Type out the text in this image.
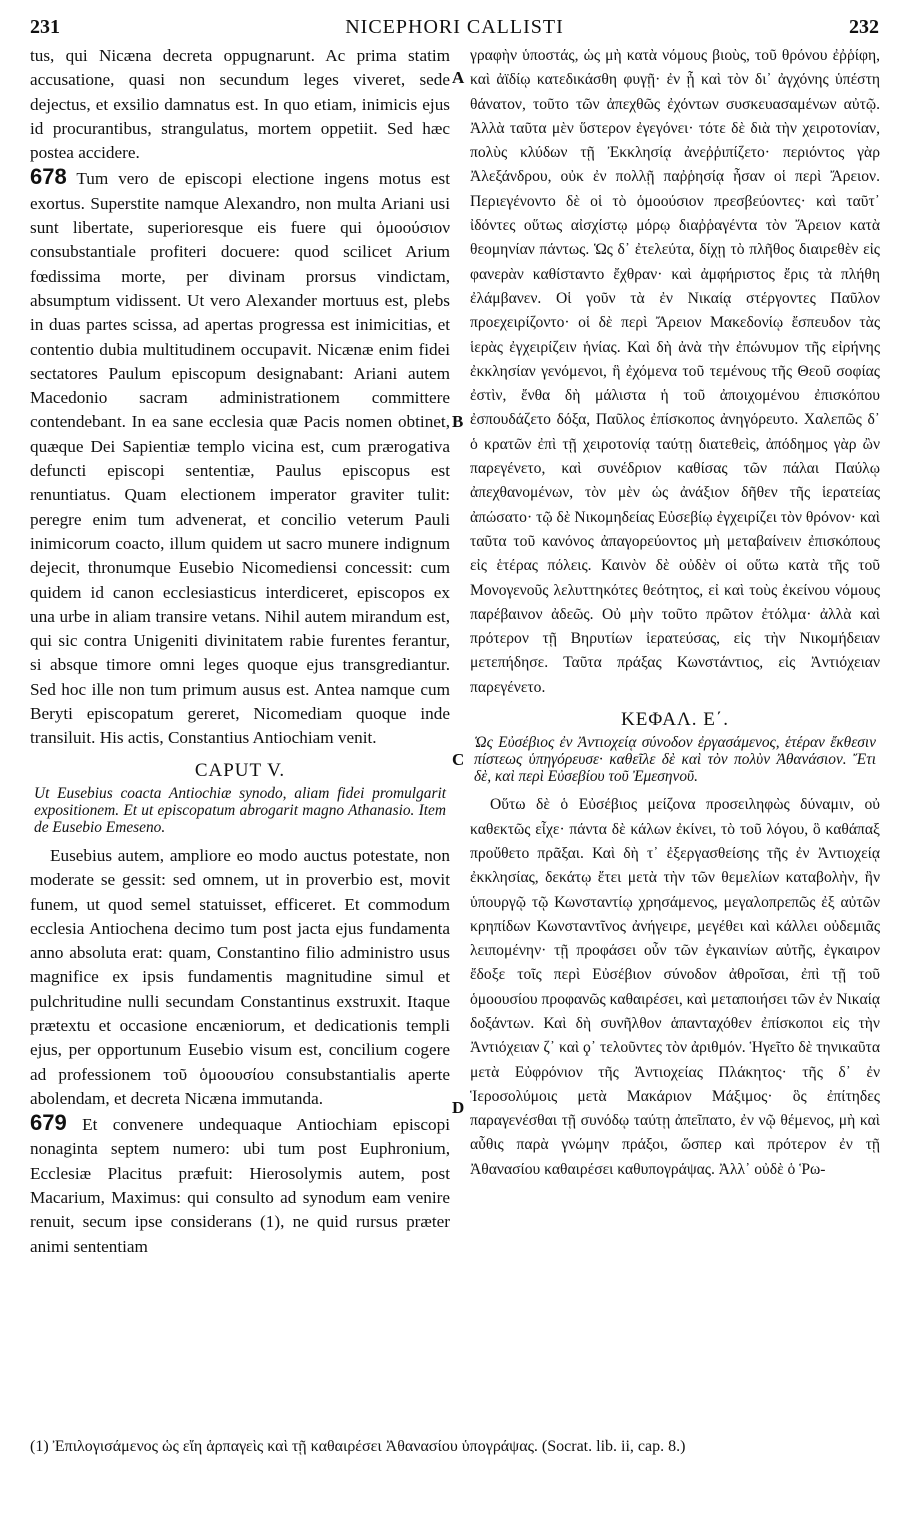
231	NICEPHORI CALLISTI	232
A
B
C
D

tus, qui Nicæna decreta oppugnarunt. Ac prima statim accusatione, quasi non secundum leges viveret, sede dejectus, et exsilio damnatus est. In quo etiam, inimicis ejus id procurantibus, strangulatus, mortem oppetiit. Sed hæc postea accidere.

678 Tum vero de episcopi electione ingens motus est exortus. Superstite namque Alexandro, non multa Ariani usi sunt libertate, superioresque eis fuere qui ὁμοούσιον consubstantiale profiteri docuere: quod scilicet Arium fœdissima morte, per divinam prorsus vindictam, absumptum vidissent. Ut vero Alexander mortuus est, plebs in duas partes scissa, ad apertas progressa est inimicitias, et contentio dubia multitudinem occupavit. Nicænæ enim fidei sectatores Paulum episcopum designabant: Ariani autem Macedonio sacram administrationem committere contendebant. In ea sane ecclesia quæ Pacis nomen obtinet, quæque Dei Sapientiæ templo vicina est, cum prærogativa defuncti episcopi sententiæ, Paulus episcopus est renuntiatus. Quam electionem imperator graviter tulit: peregre enim tum advenerat, et concilio veterum Pauli inimicorum coacto, illum quidem ut sacro munere indignum dejecit, thronumque Eusebio Nicomediensi concessit: cum quidem id canon ecclesiasticus interdiceret, episcopos ex una urbe in aliam transire vetans. Nihil autem mirandum est, qui sic contra Unigeniti divinitatem rabie furentes ferantur, si absque timore omni leges quoque ejus transgrediantur. Sed hoc ille non tum primum ausus est. Antea namque cum Beryti episcopatum gereret, Nicomediam quoque inde transiluit. His actis, Constantius Antiochiam venit.

CAPUT V.

Ut Eusebius coacta Antiochiæ synodo, aliam fidei promulgarit expositionem. Et ut episcopatum abrogarit magno Athanasio. Item de Eusebio Emeseno.

Eusebius autem, ampliore eo modo auctus potestate, non moderate se gessit: sed omnem, ut in proverbio est, movit funem, ut quod semel statuisset, efficeret. Et commodum ecclesia Antiochena decimo tum post jacta ejus fundamenta anno absoluta erat: quam, Constantino filio administro usus magnifice ex ipsis fundamentis magnitudine simul et pulchritudine nulli secundam Constantinus exstruxit. Itaque prætextu et occasione encæniorum, et dedicationis templi ejus, per opportunum Eusebio visum est, concilium cogere ad professionem τοῦ ὁμοουσίου consubstantialis aperte abolendam, et decreta Nicæna immutanda.

679 Et convenere undequaque Antiochiam episcopi nonaginta septem numero: ubi tum post Euphronium, Ecclesiæ Placitus præfuit: Hierosolymis autem, post Macarium, Maximus: qui consulto ad synodum eam venire renuit, secum ipse considerans (1), ne quid rursus præter animi sententiam

γραφὴν ὑποστάς, ὡς μὴ κατὰ νόμους βιοὺς, τοῦ θρόνου ἐῤῥίφη, καὶ ἀϊδίῳ κατεδικάσθη φυγῇ· ἐν ᾗ καὶ τὸν δι᾽ ἀγχόνης ὑπέστη θάνατον, τοῦτο τῶν ἀπεχθῶς ἐχόντων συσκευασαμένων αὐτῷ. Ἀλλὰ ταῦτα μὲν ὕστερον ἐγεγόνει· τότε δὲ διὰ τὴν χειροτονίαν, πολὺς κλύδων τῇ Ἐκκλησίᾳ ἀνεῤῥιπίζετο· περιόντος γὰρ Ἀλεξάνδρου, οὐκ ἐν πολλῇ παῤῥησίᾳ ἦσαν οἱ περὶ Ἄρειον. Περιεγένοντο δὲ οἱ τὸ ὁμοούσιον πρεσβεύοντες· καὶ ταῦτ᾽ ἰδόντες οὕτως αἰσχίστῳ μόρῳ διαῤῥαγέντα τὸν Ἄρειον κατὰ θεομηνίαν πάντως. Ὡς δ᾽ ἐτελεύτα, δίχῃ τὸ πλῆθος διαιρεθὲν εἰς φανερὰν καθίσταντο ἔχθραν· καὶ ἀμφήριστος ἔρις τὰ πλήθη ἐλάμβανεν. Οἱ γοῦν τὰ ἐν Νικαίᾳ στέργοντες Παῦλον προεχειρίζοντο· οἱ δὲ περὶ Ἄρειον Μακεδονίῳ ἔσπευδον τὰς ἱερὰς ἐγχειρίζειν ἡνίας. Καὶ δὴ ἀνὰ τὴν ἐπώνυμον τῆς εἰρήνης ἐκκλησίαν γενόμενοι, ἣ ἐχόμενα τοῦ τεμένους τῆς Θεοῦ σοφίας ἐστὶν, ἔνθα δὴ μάλιστα ἡ τοῦ ἀποιχομένου ἐπισκόπου ἐσπουδάζετο δόξα, Παῦλος ἐπίσκοπος ἀνηγόρευτο. Χαλεπῶς δ᾽ ὁ κρατῶν ἐπὶ τῇ χειροτονίᾳ ταύτῃ διατεθεὶς, ἀπόδημος γὰρ ὢν παρεγένετο, καὶ συνέδριον καθίσας τῶν πάλαι Παύλῳ ἀπεχθανομένων, τὸν μὲν ὡς ἀνάξιον δῆθεν τῆς ἱερατείας ἀπώσατο· τῷ δὲ Νικομηδείας Εὐσεβίῳ ἐγχειρίζει τὸν θρόνον· καὶ ταῦτα τοῦ κανόνος ἀπαγορεύοντος μὴ μεταβαίνειν ἐπισκόπους εἰς ἑτέρας πόλεις. Καινὸν δὲ οὐδὲν οἱ οὕτω κατὰ τῆς τοῦ Μονογενοῦς λελυττηκότες θεότητος, εἰ καὶ τοὺς ἐκείνου νόμους παρέβαινον ἀδεῶς. Οὐ μὴν τοῦτο πρῶτον ἐτόλμα· ἀλλὰ καὶ πρότερον τῇ Βηρυτίων ἱερατεύσας, εἰς τὴν Νικομήδειαν μετεπήδησε. Ταῦτα πράξας Κωνστάντιος, εἰς Ἀντιόχειαν παρεγένετο.

ΚΕΦΑΛ. Ε΄.

Ὡς Εὐσέβιος ἐν Ἀντιοχείᾳ σύνοδον ἐργασάμενος, ἑτέραν ἔκθεσιν πίστεως ὑπηγόρευσε· καθεῖλε δὲ καὶ τὸν πολὺν Ἀθανάσιον. Ἔτι δὲ, καὶ περὶ Εὐσεβίου τοῦ Ἐμεσηνοῦ.

Οὕτω δὲ ὁ Εὐσέβιος μείζονα προσειληφὼς δύναμιν, οὐ καθεκτῶς εἶχε· πάντα δὲ κάλων ἐκίνει, τὸ τοῦ λόγου, ὃ καθάπαξ προὔθετο πρᾶξαι. Καὶ δὴ τ᾽ ἐξεργασθείσης τῆς ἐν Ἀντιοχείᾳ ἐκκλησίας, δεκάτῳ ἔτει μετὰ τὴν τῶν θεμελίων καταβολὴν, ἣν ὑπουργῷ τῷ Κωνσταντίῳ χρησάμενος, μεγαλοπρεπῶς ἐξ αὐτῶν κρηπίδων Κωνσταντῖνος ἀνήγειρε, μεγέθει καὶ κάλλει οὐδεμιᾶς λειπομένην· τῇ προφάσει οὖν τῶν ἐγκαινίων αὐτῆς, ἐγκαιρον ἔδοξε τοῖς περὶ Εὐσέβιον σύνοδον ἀθροῖσαι, ἐπὶ τῇ τοῦ ὁμοουσίου προφανῶς καθαιρέσει, καὶ μεταποιήσει τῶν ἐν Νικαίᾳ δοξάντων. Καὶ δὴ συνῆλθον ἁπανταχόθεν ἐπίσκοποι εἰς τὴν Ἀντιόχειαν ζ᾽ καὶ ϙ᾽ τελοῦντες τὸν ἀριθμόν. Ἡγεῖτο δὲ τηνικαῦτα μετὰ Εὐφρόνιον τῆς Ἀντιοχείας Πλάκητος· τῆς δ᾽ ἐν Ἱεροσολύμοις μετὰ Μακάριον Μάξιμος· ὃς ἐπίτηδες παραγενέσθαι τῇ συνόδῳ ταύτῃ ἀπεῖπατο, ἐν νῷ θέμενος, μὴ καὶ αὖθις παρὰ γνώμην πράξοι, ὥσπερ καὶ πρότερον ἐν τῇ Ἀθανασίου καθαιρέσει καθυπογράψας. Ἀλλ᾽ οὐδὲ ὁ Ῥω-

(1) Ἐπιλογισάμενος ὡς εἴη ἁρπαγεὶς καὶ τῇ καθαιρέσει Ἀθανασίου ὑπογράψας. (Socrat. lib. ii, cap. 8.)
